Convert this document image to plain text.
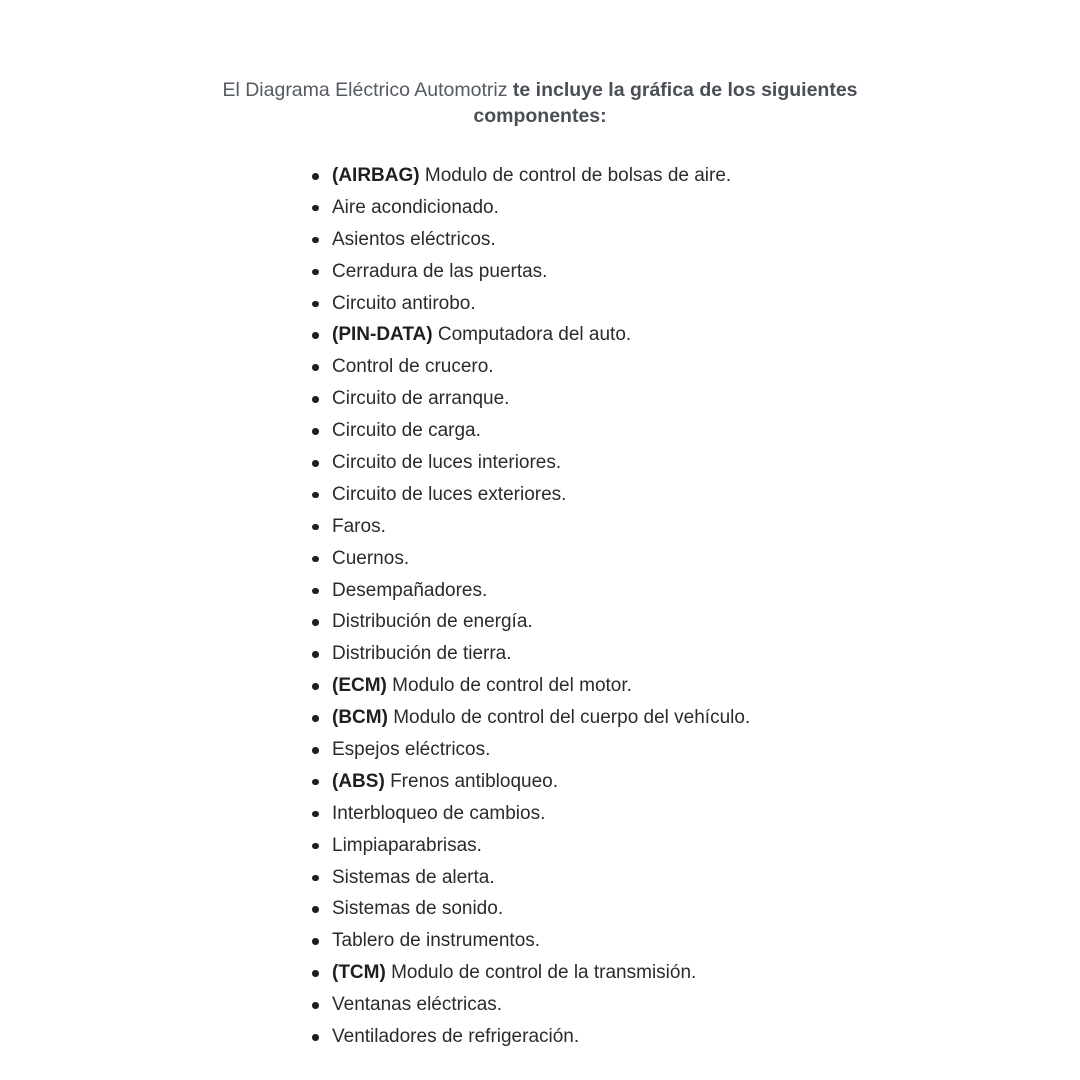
El Diagrama Eléctrico Automotriz te incluye la gráfica de los siguientes
componentes:
(AIRBAG) Modulo de control de bolsas de aire.
Aire acondicionado.
Asientos eléctricos.
Cerradura de las puertas.
Circuito antirobo.
(PIN-DATA) Computadora del auto.
Control de crucero.
Circuito de arranque.
Circuito de carga.
Circuito de luces interiores.
Circuito de luces exteriores.
Faros.
Cuernos.
Desempañadores.
Distribución de energía.
Distribución de tierra.
(ECM) Modulo de control del motor.
(BCM) Modulo de control del cuerpo del vehículo.
Espejos eléctricos.
(ABS) Frenos antibloqueo.
Interbloqueo de cambios.
Limpiaparabrisas.
Sistemas de alerta.
Sistemas de sonido.
Tablero de instrumentos.
(TCM) Modulo de control de la transmisión.
Ventanas eléctricas.
Ventiladores de refrigeración.
